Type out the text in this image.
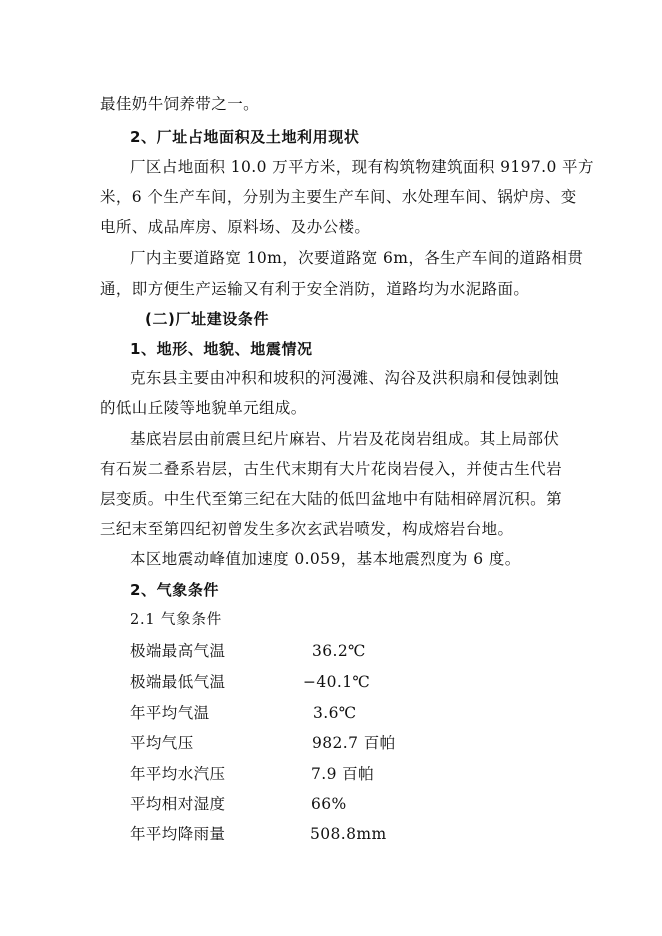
最佳奶牛饲养带之一。
2、厂址占地面积及土地利用现状
厂区占地面积 10.0 万平方米，现有构筑物建筑面积 9197.0 平方
米，6 个生产车间，分别为主要生产车间、水处理车间、锅炉房、变
电所、成品库房、原料场、及办公楼。
厂内主要道路宽 10m，次要道路宽 6m，各生产车间的道路相贯
通，即方便生产运输又有利于安全消防，道路均为水泥路面。
(二)厂址建设条件
1、地形、地貌、地震情况
克东县主要由冲积和坡积的河漫滩、沟谷及洪积扇和侵蚀剥蚀
的低山丘陵等地貌单元组成。
基底岩层由前震旦纪片麻岩、片岩及花岗岩组成。其上局部伏
有石炭二叠系岩层，古生代末期有大片花岗岩侵入，并使古生代岩
层变质。中生代至第三纪在大陆的低凹盆地中有陆相碎屑沉积。第
三纪末至第四纪初曾发生多次玄武岩喷发，构成熔岩台地。
本区地震动峰值加速度 0.059，基本地震烈度为 6 度。
2、气象条件
2.1 气象条件
极端最高气温	36.2℃
极端最低气温	−40.1℃
年平均气温	3.6℃
平均气压	982.7 百帕
年平均水汽压	7.9 百帕
平均相对湿度	66%
年平均降雨量	508.8mm
